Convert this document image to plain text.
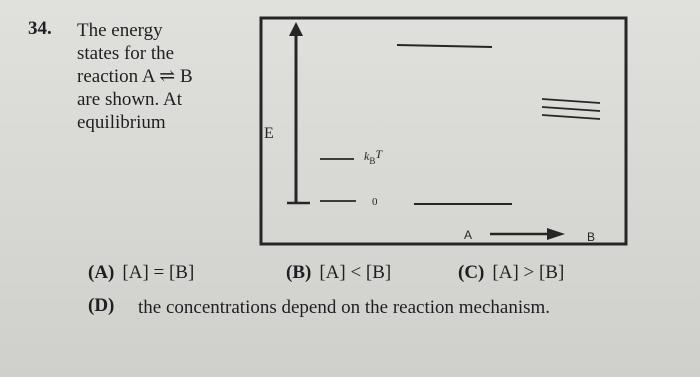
34. The energy
states for the
reaction A ⇌ B
are shown. At
equilibrium
E
$k_BT$
0
A	B
(A) [A] = [B]	(B) [A] < [B]	(C) [A] > [B]
(D)	the concentrations depend on the reaction mechanism.
